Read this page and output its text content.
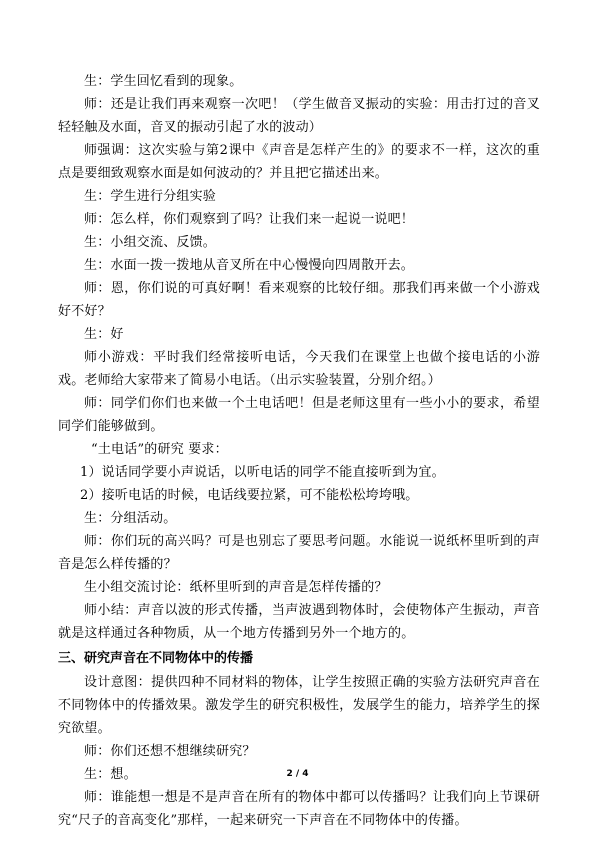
生：学生回忆看到的现象。

师：还是让我们再来观察一次吧！（学生做音叉振动的实验：用击打过的音叉轻轻触及水面，音叉的振动引起了水的波动）

师强调：这次实验与第2课中《声音是怎样产生的》的要求不一样，这次的重点是要细致观察水面是如何波动的？并且把它描述出来。

生：学生进行分组实验

师：怎么样，你们观察到了吗？让我们来一起说一说吧！

生：小组交流、反馈。

生：水面一拨一拨地从音叉所在中心慢慢向四周散开去。

师：恩，你们说的可真好啊！看来观察的比较仔细。那我们再来做一个小游戏好不好？

生：好

师小游戏：平时我们经常接听电话，今天我们在课堂上也做个接电话的小游戏。老师给大家带来了简易小电话。（出示实验装置，分别介绍。）

师：同学们你们也来做一个土电话吧！但是老师这里有一些小小的要求，希望同学们能够做到。

“土电话”的研究 要求：

1）说话同学要小声说话，以听电话的同学不能直接听到为宜。

2）接听电话的时候，电话线要拉紧，可不能松松垮垮哦。

生：分组活动。

师：你们玩的高兴吗？可是也别忘了要思考问题。水能说一说纸杯里听到的声音是怎么样传播的？

生小组交流讨论：纸杯里听到的声音是怎样传播的？

师小结：声音以波的形式传播，当声波遇到物体时，会使物体产生振动，声音就是这样通过各种物质，从一个地方传播到另外一个地方的。

三、研究声音在不同物体中的传播

设计意图：提供四种不同材料的物体，让学生按照正确的实验方法研究声音在不同物体中的传播效果。激发学生的研究积极性，发展学生的能力，培养学生的探究欲望。

师：你们还想不想继续研究？

生：想。

师：谁能想一想是不是声音在所有的物体中都可以传播吗？让我们向上节课研究“尺子的音高变化”那样，一起来研究一下声音在不同物体中的传播。

2 / 4
